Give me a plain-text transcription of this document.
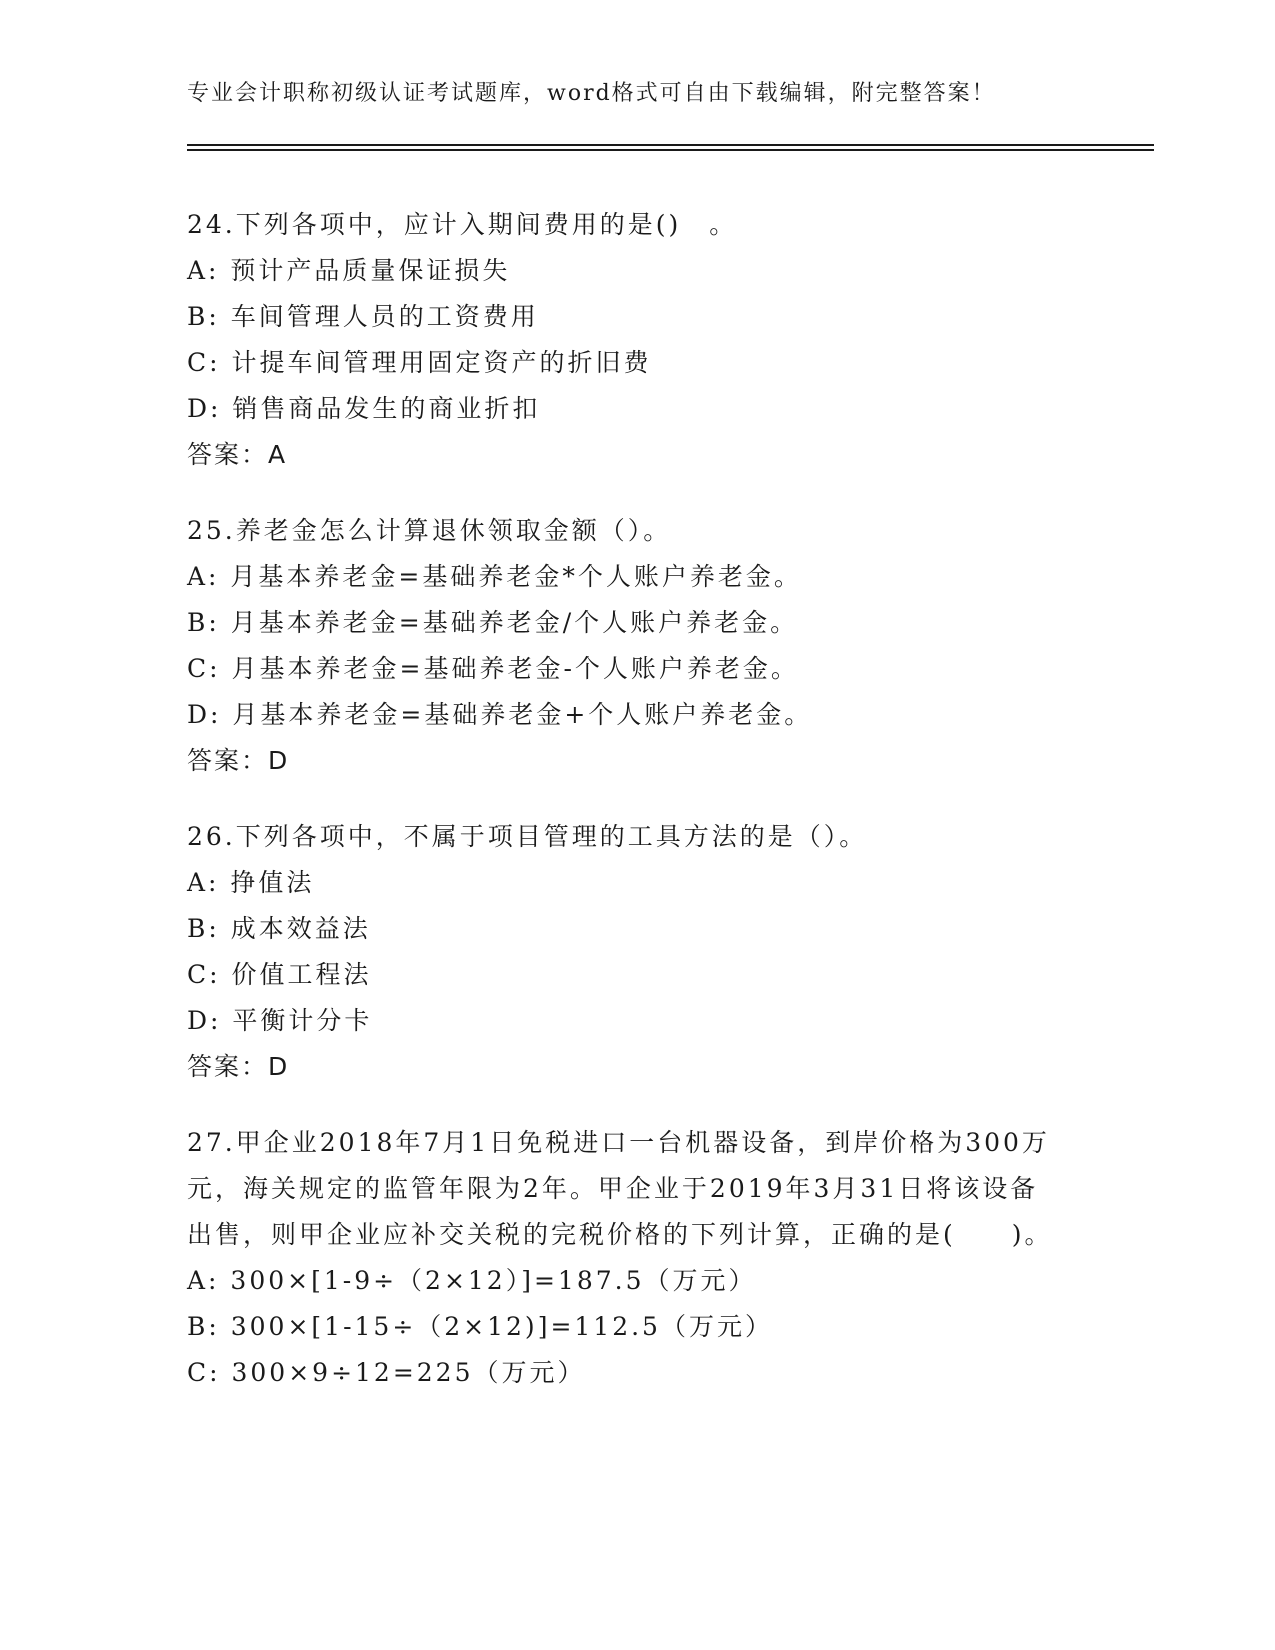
专业会计职称初级认证考试题库，word格式可自由下载编辑，附完整答案！
24.下列各项中，应计入期间费用的是()　。
A: 预计产品质量保证损失
B: 车间管理人员的工资费用
C: 计提车间管理用固定资产的折旧费
D: 销售商品发生的商业折扣
答案：A
25.养老金怎么计算退休领取金额（）。
A: 月基本养老金=基础养老金*个人账户养老金。
B: 月基本养老金=基础养老金/个人账户养老金。
C: 月基本养老金=基础养老金-个人账户养老金。
D: 月基本养老金=基础养老金+个人账户养老金。
答案：D
26.下列各项中，不属于项目管理的工具方法的是（）。
A: 挣值法
B: 成本效益法
C: 价值工程法
D: 平衡计分卡
答案：D
27.甲企业2018年7月1日免税进口一台机器设备，到岸价格为300万元，海关规定的监管年限为2年。甲企业于2019年3月31日将该设备出售，则甲企业应补交关税的完税价格的下列计算，正确的是(　　)。
A: 300×[1-9÷（2×12）]=187.5（万元）
B: 300×[1-15÷（2×12)]=112.5（万元）
C: 300×9÷12=225（万元）
